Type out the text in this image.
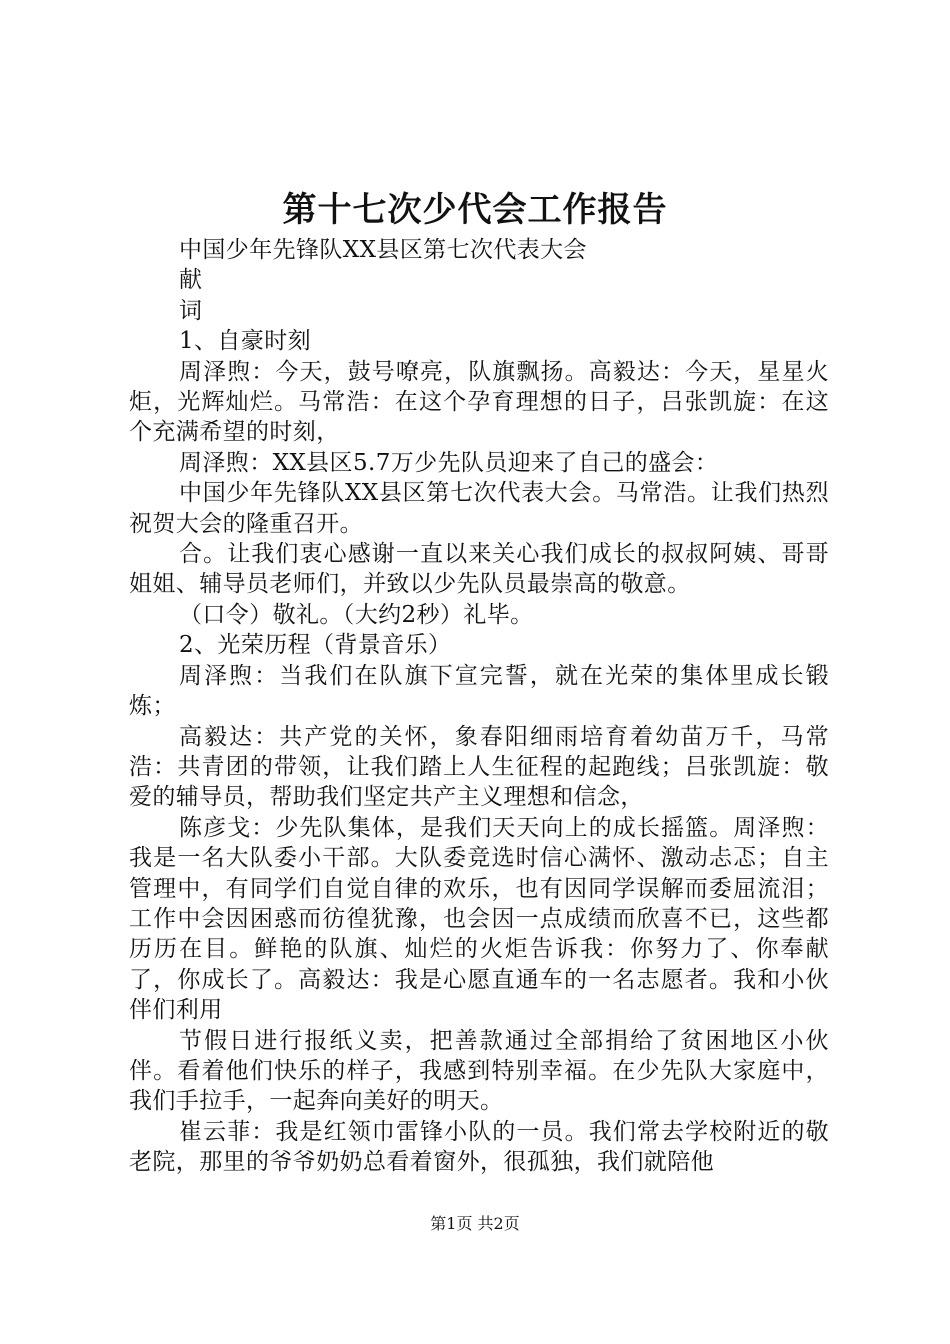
第十七次少代会工作报告

中国少年先锋队XX县区第七次代表大会

献

词

1、自豪时刻

周泽煦：今天，鼓号嘹亮，队旗飘扬。高毅达：今天，星星火炬，光辉灿烂。马常浩：在这个孕育理想的日子，吕张凯旋：在这个充满希望的时刻，

周泽煦：XX县区5.7万少先队员迎来了自己的盛会：

中国少年先锋队XX县区第七次代表大会。马常浩。让我们热烈祝贺大会的隆重召开。

合。让我们衷心感谢一直以来关心我们成长的叔叔阿姨、哥哥姐姐、辅导员老师们，并致以少先队员最崇高的敬意。

（口令）敬礼。（大约2秒）礼毕。

2、光荣历程（背景音乐）

周泽煦：当我们在队旗下宣完誓，就在光荣的集体里成长锻炼；

高毅达：共产党的关怀，象春阳细雨培育着幼苗万千，马常浩：共青团的带领，让我们踏上人生征程的起跑线；吕张凯旋：敬爱的辅导员，帮助我们坚定共产主义理想和信念，

陈彦戈：少先队集体，是我们天天向上的成长摇篮。周泽煦：我是一名大队委小干部。大队委竞选时信心满怀、激动忐忑；自主管理中，有同学们自觉自律的欢乐，也有因同学误解而委屈流泪；工作中会因困惑而彷徨犹豫，也会因一点成绩而欣喜不已，这些都历历在目。鲜艳的队旗、灿烂的火炬告诉我：你努力了、你奉献了，你成长了。高毅达：我是心愿直通车的一名志愿者。我和小伙伴们利用

节假日进行报纸义卖，把善款通过全部捐给了贫困地区小伙伴。看着他们快乐的样子，我感到特别幸福。在少先队大家庭中，我们手拉手，一起奔向美好的明天。

崔云菲：我是红领巾雷锋小队的一员。我们常去学校附近的敬老院，那里的爷爷奶奶总看着窗外，很孤独，我们就陪他

第1页 共2页
